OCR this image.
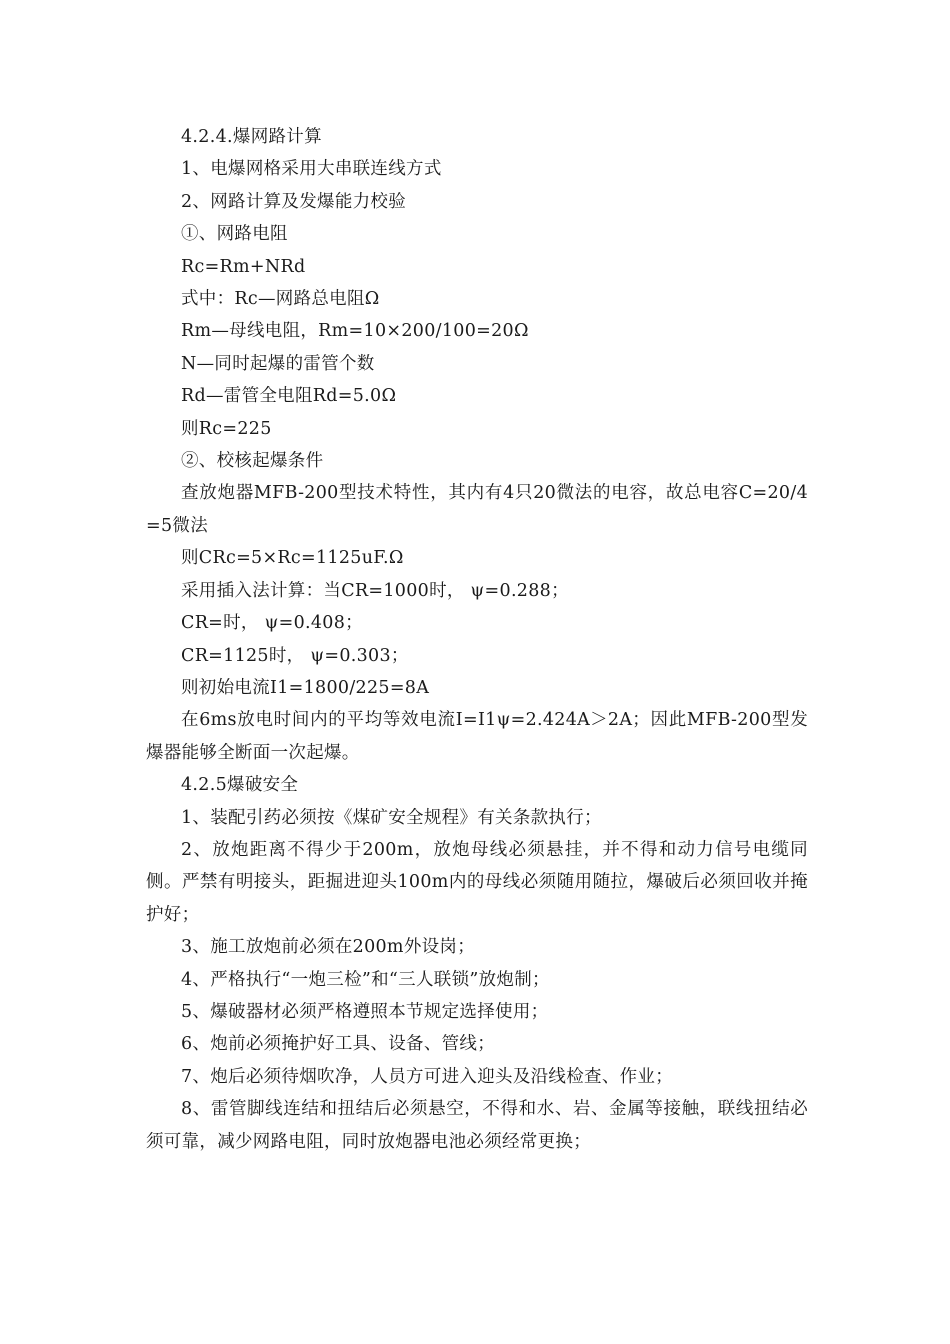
4.2.4.爆网路计算

1、电爆网格采用大串联连线方式

2、网路计算及发爆能力校验

①、网路电阻

Rc=Rm+NRd

式中：Rc—网路总电阻Ω

Rm—母线电阻，Rm=10×200/100=20Ω

N—同时起爆的雷管个数

Rd—雷管全电阻Rd=5.0Ω

则Rc=225

②、校核起爆条件

查放炮器MFB-200型技术特性，其内有4只20微法的电容，故总电容C=20/4=5微法

则CRc=5×Rc=1125uF.Ω

采用插入法计算：当CR=1000时， ψ=0.288；

CR=时， ψ=0.408；

CR=1125时， ψ=0.303；

则初始电流I1=1800/225=8A

在6ms放电时间内的平均等效电流I=I1ψ=2.424A＞2A；因此MFB-200型发爆器能够全断面一次起爆。

4.2.5爆破安全

1、装配引药必须按《煤矿安全规程》有关条款执行；

2、放炮距离不得少于200m，放炮母线必须悬挂，并不得和动力信号电缆同侧。严禁有明接头，距掘进迎头100m内的母线必须随用随拉，爆破后必须回收并掩护好；

3、施工放炮前必须在200m外设岗；

4、严格执行“一炮三检”和“三人联锁”放炮制；

5、爆破器材必须严格遵照本节规定选择使用；

6、炮前必须掩护好工具、设备、管线；

7、炮后必须待烟吹净，人员方可进入迎头及沿线检查、作业；

8、雷管脚线连结和扭结后必须悬空，不得和水、岩、金属等接触，联线扭结必须可靠，减少网路电阻，同时放炮器电池必须经常更换；
